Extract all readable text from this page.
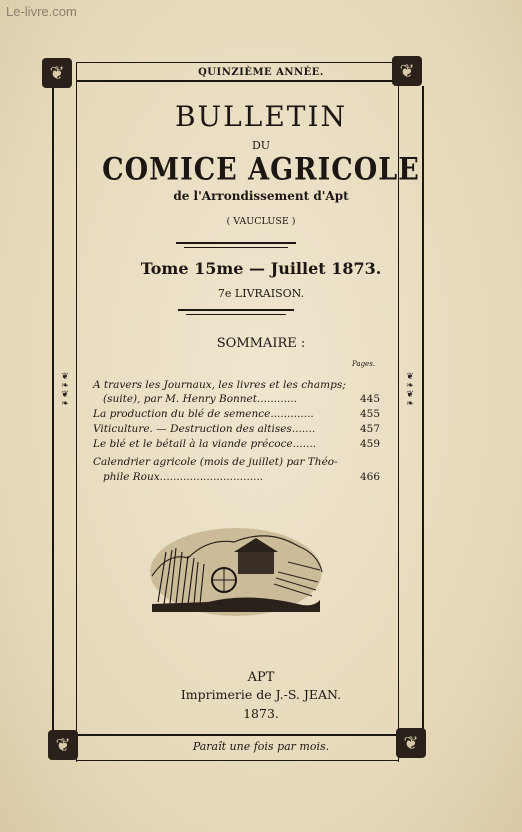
Le-livre.com
❦	❦
❦	❦
❦❧❦❧	❦❧❦❧
QUINZIÈME ANNÉE.
BULLETIN
DU
COMICE AGRICOLE
de l'Arrondissement d'Apt
( VAUCLUSE )
Tome 15me — Juillet 1873.
7e LIVRAISON.
SOMMAIRE :
Pages.
A travers les Journaux, les livres et les champs;
(suite), par M. Henry Bonnet............	445
La production du blé de semence.............	455
Viticulture. — Destruction des altises.......	457
Le blé et le bétail à la viande précoce.......	459
Calendrier agricole (mois de juillet) par Théo-
phile Roux...............................	466
APT
Imprimerie de J.-S. JEAN.
1873.
Paraît une fois par mois.
